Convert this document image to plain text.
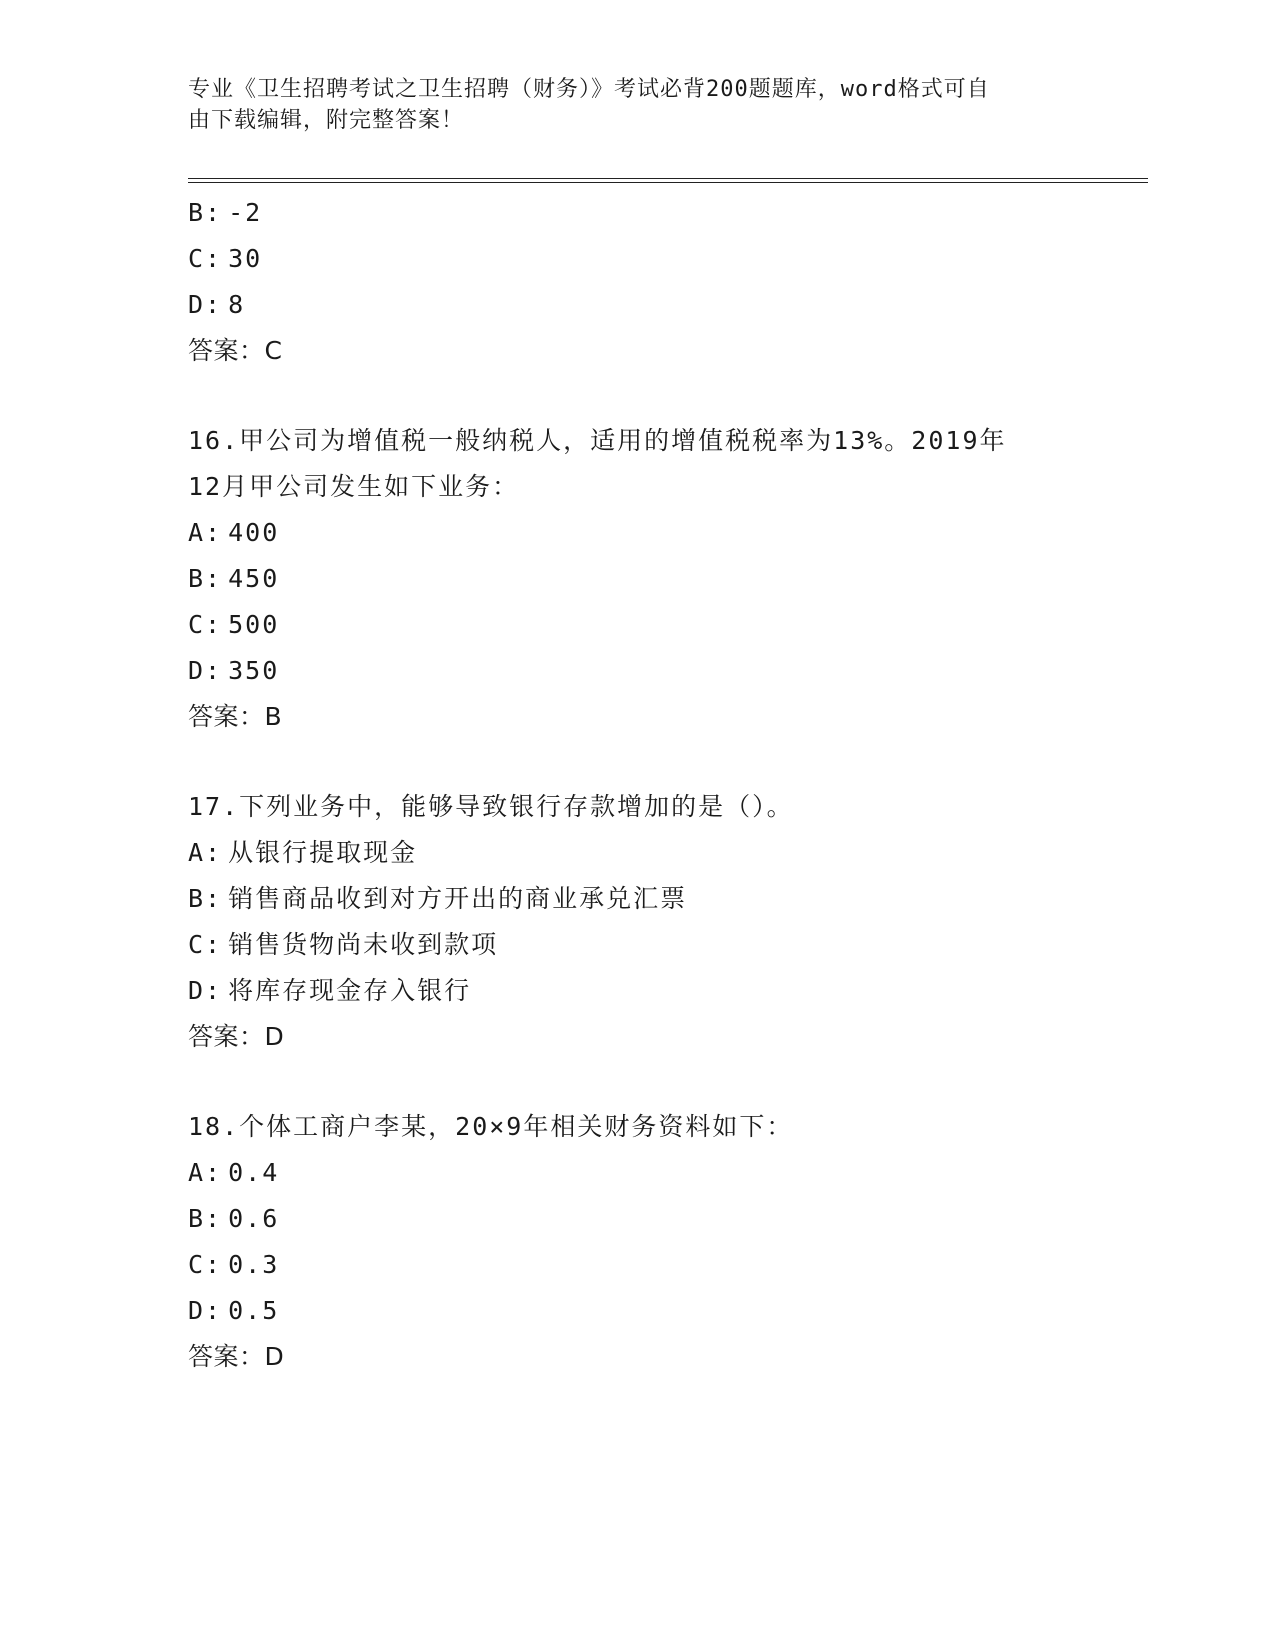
专业《卫生招聘考试之卫生招聘（财务）》考试必背200题题库，word格式可自
由下载编辑，附完整答案！
B: -2
C: 30
D: 8
答案：C
16.甲公司为增值税一般纳税人，适用的增值税税率为13%。2019年
12月甲公司发生如下业务：
A: 400
B: 450
C: 500
D: 350
答案：B
17.下列业务中，能够导致银行存款增加的是（）。
A: 从银行提取现金
B: 销售商品收到对方开出的商业承兑汇票
C: 销售货物尚未收到款项
D: 将库存现金存入银行
答案：D
18.个体工商户李某，20×9年相关财务资料如下：
A: 0.4
B: 0.6
C: 0.3
D: 0.5
答案：D
